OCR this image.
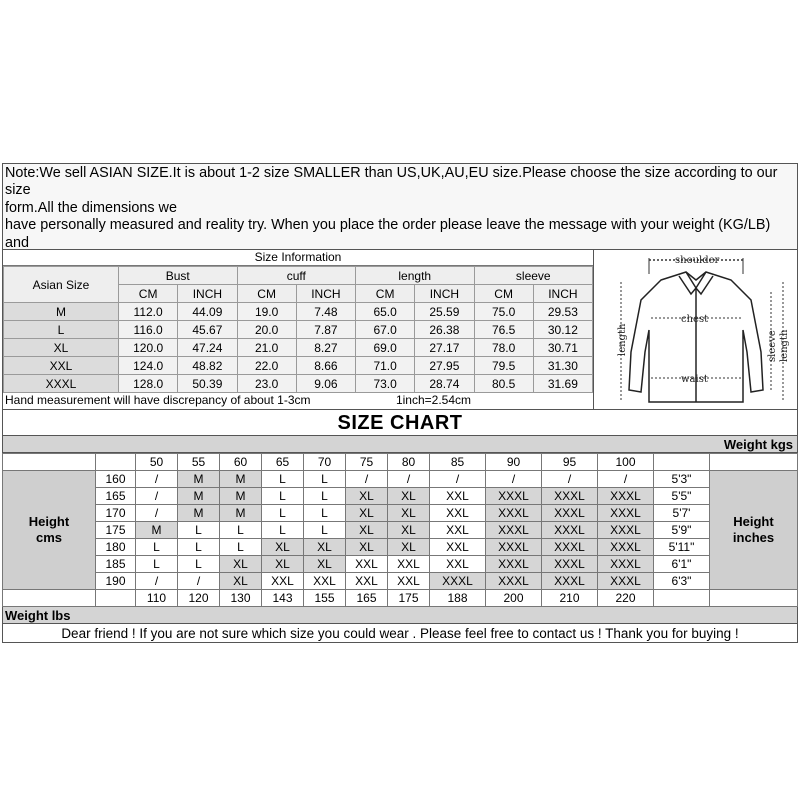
Note:We sell ASIAN SIZE.It is about 1-2 size SMALLER than US,UK,AU,EU size.Please choose the size according to our size
form.All the dimensions we
have personally measured and reality try. When you place the order please leave the message with your weight (KG/LB) and
Size Information
Asian Size	Bust		cuff		length		sleeve	
	CM	INCH	CM	INCH	CM	INCH	CM	INCH
M	112.0	44.09	19.0	7.48	65.0	25.59	75.0	29.53
L	116.0	45.67	20.0	7.87	67.0	26.38	76.5	30.12
XL	120.0	47.24	21.0	8.27	69.0	27.17	78.0	30.71
XXL	124.0	48.82	22.0	8.66	71.0	27.95	79.5	31.30
XXXL	128.0	50.39	23.0	9.06	73.0	28.74	80.5	31.69
Hand measurement will have discrepancy of about 1-3cm	1inch=2.54cm
shoulder
chest
waist
length	sleeve length
SIZE CHART
Weight kgs
		50	55	60	65	70	75	80	85	90	95	100		
Height
cms	160	/	M	M	L	L	/	/	/	/	/	/	5'3"	Height
inches
	165	/	M	M	L	L	XL	XL	XXL	XXXL	XXXL	XXXL	5'5"	
	170	/	M	M	L	L	XL	XL	XXL	XXXL	XXXL	XXXL	5'7'	
	175	M	L	L	L	L	XL	XL	XXL	XXXL	XXXL	XXXL	5'9"	
	180	L	L	L	XL	XL	XL	XL	XXL	XXXL	XXXL	XXXL	5'11"	
	185	L	L	XL	XL	XL	XXL	XXL	XXL	XXXL	XXXL	XXXL	6'1"	
	190	/	/	XL	XXL	XXL	XXL	XXL	XXXL	XXXL	XXXL	XXXL	6'3"	
		110	120	130	143	155	165	175	188	200	210	220		
Weight lbs
Dear friend ! If you are not sure which size you could wear . Please feel free to contact us ! Thank you for buying !
